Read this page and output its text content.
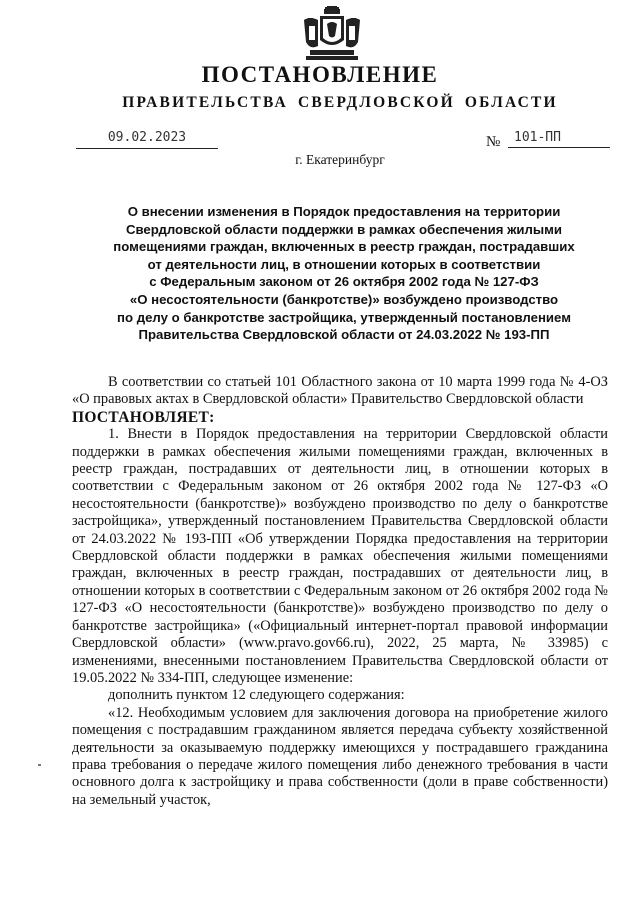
ПОСТАНОВЛЕНИЕ
ПРАВИТЕЛЬСТВА СВЕРДЛОВСКОЙ ОБЛАСТИ
09.02.2023	№	101-ПП
г. Екатеринбург
О внесении изменения в Порядок предоставления на территории
Свердловской области поддержки в рамках обеспечения жилыми
помещениями граждан, включенных в реестр граждан, пострадавших
от деятельности лиц, в отношении которых в соответствии
с Федеральным законом от 26 октября 2002 года № 127-ФЗ
«О несостоятельности (банкротстве)» возбуждено производство
по делу о банкротстве застройщика, утвержденный постановлением
Правительства Свердловской области от 24.03.2022 № 193-ПП

В соответствии со статьей 101 Областного закона от 10 марта 1999 года № 4-ОЗ «О правовых актах в Свердловской области» Правительство Свердловской области

ПОСТАНОВЛЯЕТ:

1. Внести в Порядок предоставления на территории Свердловской области поддержки в рамках обеспечения жилыми помещениями граждан, включенных в реестр граждан, пострадавших от деятельности лиц, в отношении которых в соответствии с Федеральным законом от 26 октября 2002 года № 127-ФЗ «О несостоятельности (банкротстве)» возбуждено производство по делу о банкротстве застройщика», утвержденный постановлением Правительства Свердловской области от 24.03.2022 № 193-ПП «Об утверждении Порядка предоставления на территории Свердловской области поддержки в рамках обеспечения жилыми помещениями граждан, включенных в реестр граждан, пострадавших от деятельности лиц, в отношении которых в соответствии с Федеральным законом от 26 октября 2002 года № 127-ФЗ «О несостоятельности (банкротстве)» возбуждено производство по делу о банкротстве застройщика» («Официальный интернет-портал правовой информации Свердловской области» (www.pravo.gov66.ru), 2022, 25 марта, № 33985) с изменениями, внесенными постановлением Правительства Свердловской области от 19.05.2022 № 334-ПП, следующее изменение:

дополнить пунктом 12 следующего содержания:

«12. Необходимым условием для заключения договора на приобретение жилого помещения с пострадавшим гражданином является передача субъекту хозяйственной деятельности за оказываемую поддержку имеющихся у пострадавшего гражданина права требования о передаче жилого помещения либо денежного требования в части основного долга к застройщику и права собственности (доли в праве собственности) на земельный участок,
